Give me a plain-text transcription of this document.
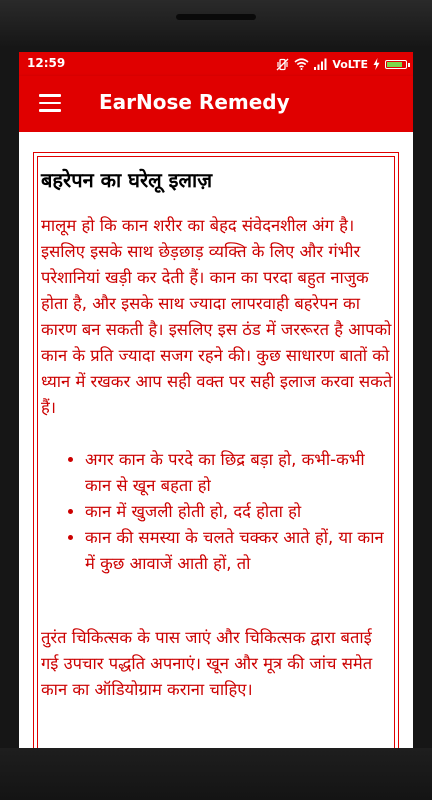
12:59	VoLTE
EarNose Remedy
बहरेपन का घरेलू इलाज़

मालूम हो कि कान शरीर का बेहद संवेदनशील अंग है। इसलिए इसके साथ छेड़छाड़ व्यक्ति के लिए और गंभीर परेशानियां खड़ी कर देती हैं। कान का परदा बहुत नाजुक होता है, और इसके साथ ज्यादा लापरवाही बहरेपन का कारण बन सकती है। इसलिए इस ठंड में जररूरत है आपको कान के प्रति ज्यादा सजग रहने की। कुछ साधारण बातों को ध्यान में रखकर आप सही वक्त पर सही इलाज करवा सकते हैं।

• अगर कान के परदे का छिद्र बड़ा हो, कभी-कभी कान से खून बहता हो
• कान में खुजली होती हो, दर्द होता हो
• कान की समस्या के चलते चक्कर आते हों, या कान में कुछ आवाजें आती हों, तो

तुरंत चिकित्सक के पास जाएं और चिकित्सक द्वारा बताई गई उपचार पद्धति अपनाएं। खून और मूत्र की जांच समेत कान का ऑडियोग्राम कराना चाहिए।
